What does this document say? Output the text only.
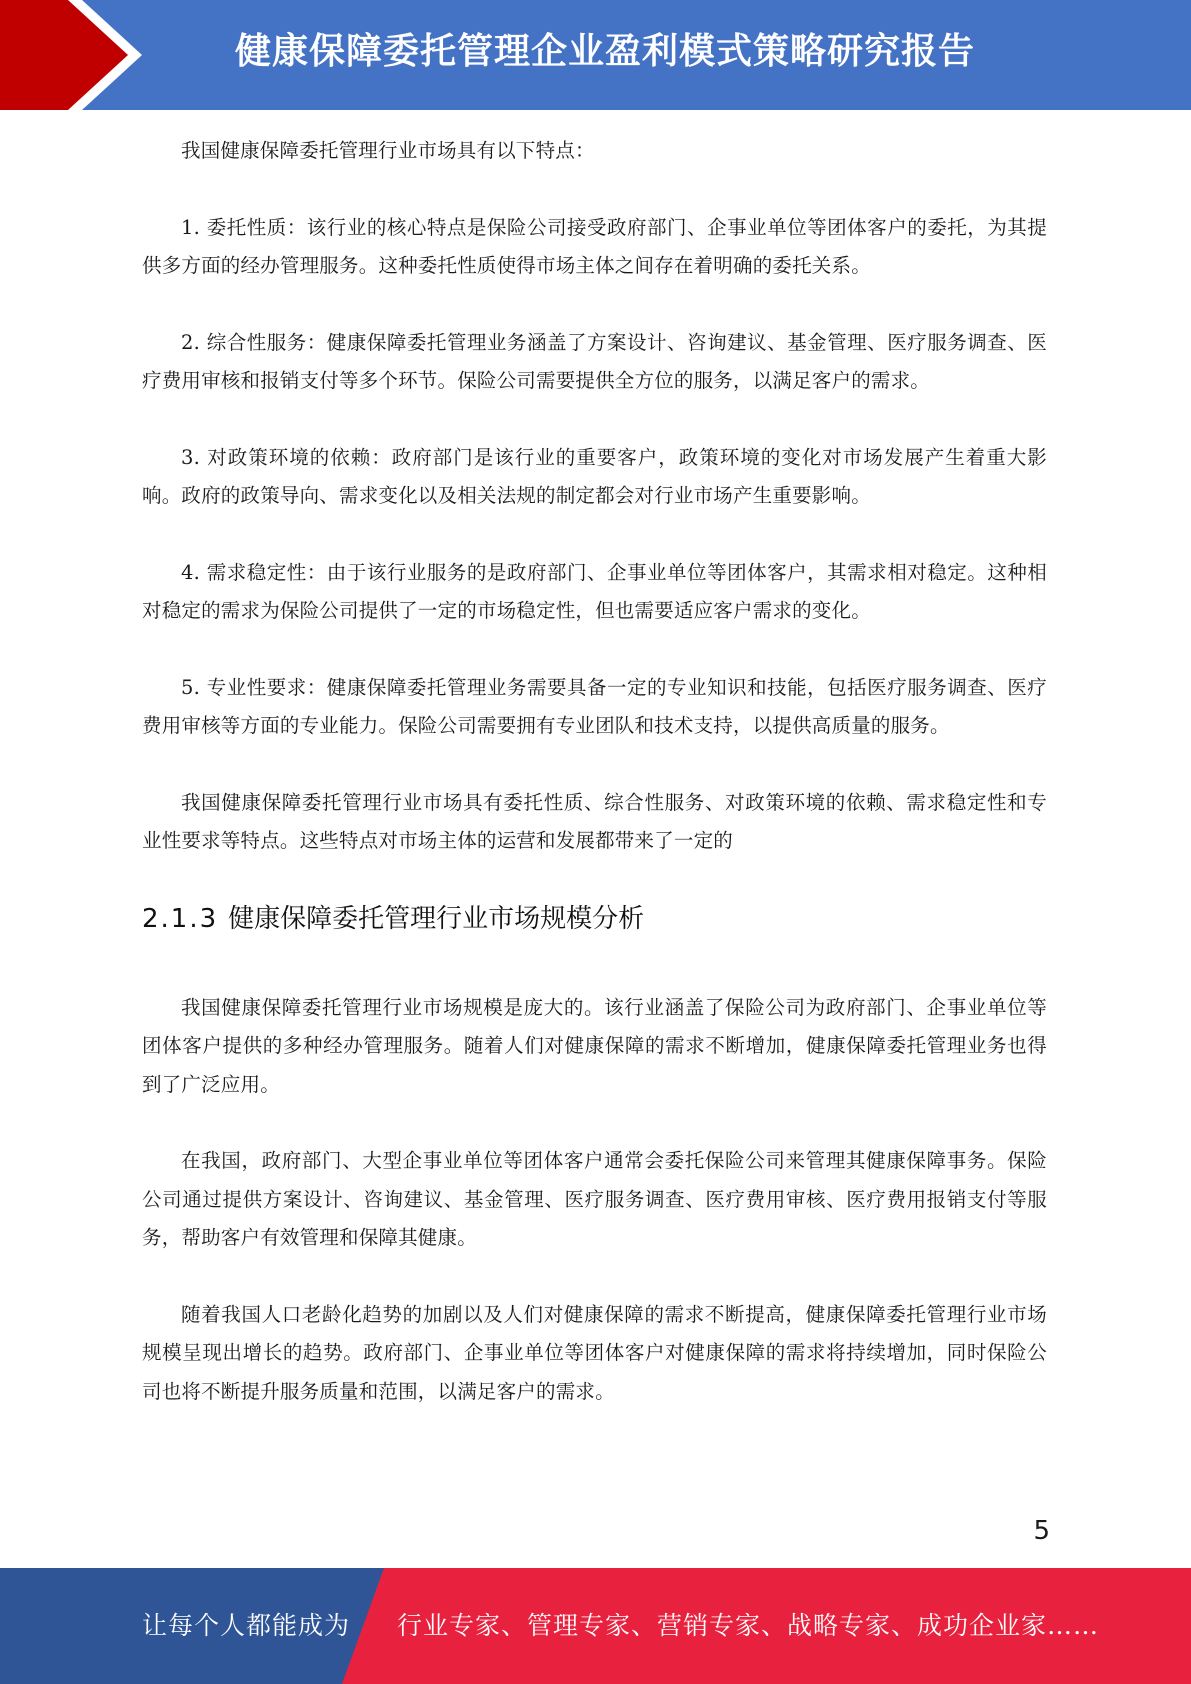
健康保障委托管理企业盈利模式策略研究报告

我国健康保障委托管理行业市场具有以下特点：

1. 委托性质：该行业的核心特点是保险公司接受政府部门、企事业单位等团体客户的委托，为其提供多方面的经办管理服务。这种委托性质使得市场主体之间存在着明确的委托关系。

2. 综合性服务：健康保障委托管理业务涵盖了方案设计、咨询建议、基金管理、医疗服务调查、医疗费用审核和报销支付等多个环节。保险公司需要提供全方位的服务，以满足客户的需求。

3. 对政策环境的依赖：政府部门是该行业的重要客户，政策环境的变化对市场发展产生着重大影响。政府的政策导向、需求变化以及相关法规的制定都会对行业市场产生重要影响。

4. 需求稳定性：由于该行业服务的是政府部门、企事业单位等团体客户，其需求相对稳定。这种相对稳定的需求为保险公司提供了一定的市场稳定性，但也需要适应客户需求的变化。

5. 专业性要求：健康保障委托管理业务需要具备一定的专业知识和技能，包括医疗服务调查、医疗费用审核等方面的专业能力。保险公司需要拥有专业团队和技术支持，以提供高质量的服务。

我国健康保障委托管理行业市场具有委托性质、综合性服务、对政策环境的依赖、需求稳定性和专业性要求等特点。这些特点对市场主体的运营和发展都带来了一定的

2.1.3 健康保障委托管理行业市场规模分析

我国健康保障委托管理行业市场规模是庞大的。该行业涵盖了保险公司为政府部门、企事业单位等团体客户提供的多种经办管理服务。随着人们对健康保障的需求不断增加，健康保障委托管理业务也得到了广泛应用。

在我国，政府部门、大型企事业单位等团体客户通常会委托保险公司来管理其健康保障事务。保险公司通过提供方案设计、咨询建议、基金管理、医疗服务调查、医疗费用审核、医疗费用报销支付等服务，帮助客户有效管理和保障其健康。

随着我国人口老龄化趋势的加剧以及人们对健康保障的需求不断提高，健康保障委托管理行业市场规模呈现出增长的趋势。政府部门、企事业单位等团体客户对健康保障的需求将持续增加，同时保险公司也将不断提升服务质量和范围，以满足客户的需求。

5
让每个人都能成为 行业专家、管理专家、营销专家、战略专家、成功企业家……
